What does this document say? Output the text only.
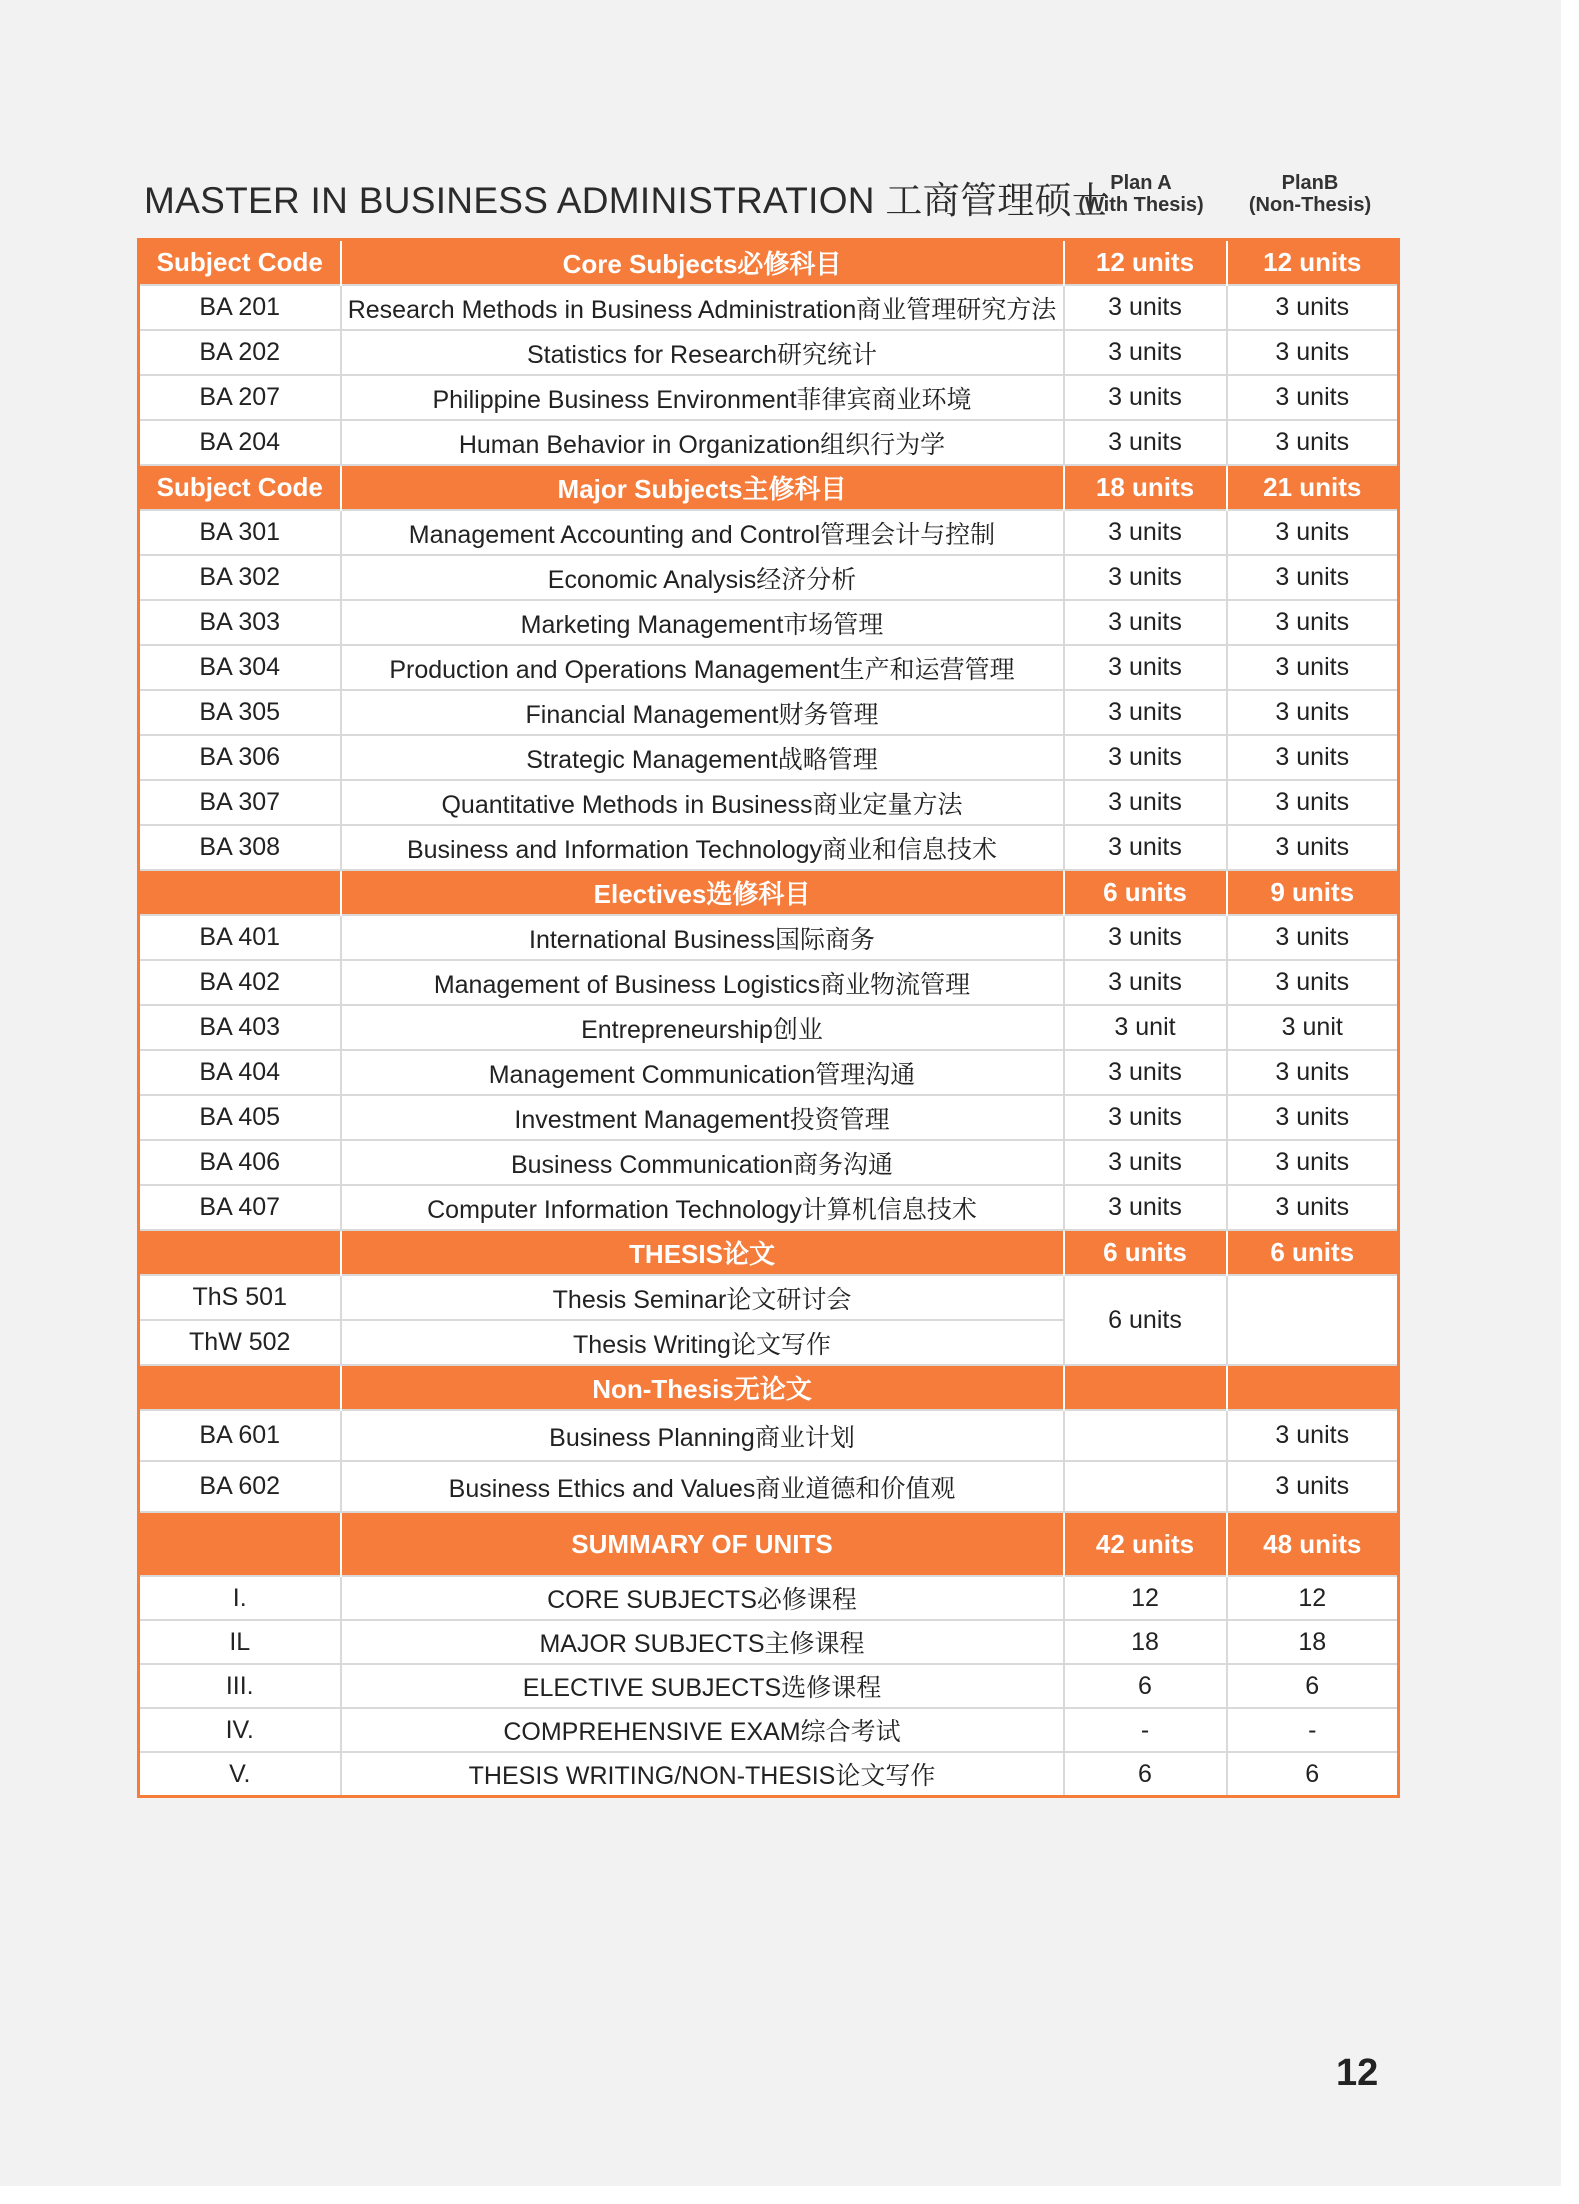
MASTER IN BUSINESS ADMINISTRATION 工商管理硕士 Plan A
(With Thesis)
PlanB
(Non-Thesis)
Subject Code	Core Subjects必修科目	12 units	12 units
BA 201	Research Methods in Business Administration商业管理研究方法	3 units	3 units
BA 202	Statistics for Research研究统计	3 units	3 units
BA 207	Philippine Business Environment菲律宾商业环境	3 units	3 units
BA 204	Human Behavior in Organization组织行为学	3 units	3 units
Subject Code	Major Subjects主修科目	18 units	21 units
BA 301	Management Accounting and Control管理会计与控制	3 units	3 units
BA 302	Economic Analysis经济分析	3 units	3 units
BA 303	Marketing Management市场管理	3 units	3 units
BA 304	Production and Operations Management生产和运营管理	3 units	3 units
BA 305	Financial Management财务管理	3 units	3 units
BA 306	Strategic Management战略管理	3 units	3 units
BA 307	Quantitative Methods in Business商业定量方法	3 units	3 units
BA 308	Business and Information Technology商业和信息技术	3 units	3 units
	Electives选修科目	6 units	9 units
BA 401	International Business国际商务	3 units	3 units
BA 402	Management of Business Logistics商业物流管理	3 units	3 units
BA 403	Entrepreneurship创业	3 unit	3 unit
BA 404	Management Communication管理沟通	3 units	3 units
BA 405	Investment Management投资管理	3 units	3 units
BA 406	Business Communication商务沟通	3 units	3 units
BA 407	Computer Information Technology计算机信息技术	3 units	3 units
	THESIS论文	6 units	6 units
ThS 501	Thesis Seminar论文研讨会	6 units	
ThW 502	Thesis Writing论文写作		
	Non-Thesis无论文		
BA 601	Business Planning商业计划		3 units
BA 602	Business Ethics and Values商业道德和价值观		3 units
	SUMMARY OF UNITS	42 units	48 units
I.	CORE SUBJECTS必修课程	12	12
IL	MAJOR SUBJECTS主修课程	18	18
III.	ELECTIVE SUBJECTS选修课程	6	6
IV.	COMPREHENSIVE EXAM综合考试	-	-
V.	THESIS WRITING/NON-THESIS论文写作	6	6
12
